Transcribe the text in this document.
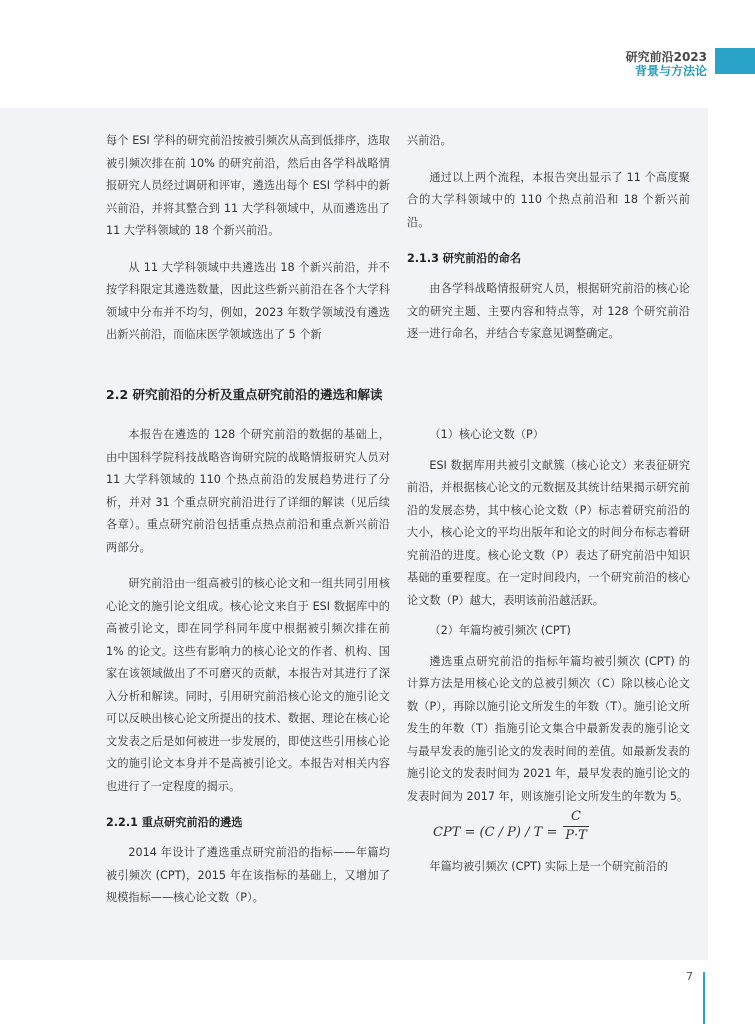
研究前沿2023
背景与方法论

每个 ESI 学科的研究前沿按被引频次从高到低排序，选取被引频次排在前 10% 的研究前沿，然后由各学科战略情报研究人员经过调研和评审，遴选出每个 ESI 学科中的新兴前沿，并将其整合到 11 大学科领域中，从而遴选出了 11 大学科领域的 18 个新兴前沿。

从 11 大学科领域中共遴选出 18 个新兴前沿，并不按学科限定其遴选数量，因此这些新兴前沿在各个大学科领域中分布并不均匀，例如，2023 年数学领域没有遴选出新兴前沿，而临床医学领域选出了 5 个新

兴前沿。

通过以上两个流程，本报告突出显示了 11 个高度聚合的大学科领域中的 110 个热点前沿和 18 个新兴前沿。

2.1.3 研究前沿的命名

由各学科战略情报研究人员，根据研究前沿的核心论文的研究主题、主要内容和特点等，对 128 个研究前沿逐一进行命名，并结合专家意见调整确定。

2.2 研究前沿的分析及重点研究前沿的遴选和解读

本报告在遴选的 128 个研究前沿的数据的基础上，由中国科学院科技战略咨询研究院的战略情报研究人员对 11 大学科领域的 110 个热点前沿的发展趋势进行了分析，并对 31 个重点研究前沿进行了详细的解读（见后续各章）。重点研究前沿包括重点热点前沿和重点新兴前沿两部分。

研究前沿由一组高被引的核心论文和一组共同引用核心论文的施引论文组成。核心论文来自于 ESI 数据库中的高被引论文，即在同学科同年度中根据被引频次排在前 1% 的论文。这些有影响力的核心论文的作者、机构、国家在该领域做出了不可磨灭的贡献，本报告对其进行了深入分析和解读。同时，引用研究前沿核心论文的施引论文可以反映出核心论文所提出的技术、数据、理论在核心论文发表之后是如何被进一步发展的，即使这些引用核心论文的施引论文本身并不是高被引论文。本报告对相关内容也进行了一定程度的揭示。

2.2.1 重点研究前沿的遴选

2014 年设计了遴选重点研究前沿的指标——年篇均被引频次 (CPT)，2015 年在该指标的基础上，又增加了规模指标——核心论文数（P）。

（1）核心论文数（P）

ESI 数据库用共被引文献簇（核心论文）来表征研究前沿，并根据核心论文的元数据及其统计结果揭示研究前沿的发展态势，其中核心论文数（P）标志着研究前沿的大小，核心论文的平均出版年和论文的时间分布标志着研究前沿的进度。核心论文数（P）表达了研究前沿中知识基础的重要程度。在一定时间段内，一个研究前沿的核心论文数（P）越大，表明该前沿越活跃。

（2）年篇均被引频次 (CPT)

遴选重点研究前沿的指标年篇均被引频次 (CPT) 的计算方法是用核心论文的总被引频次（C）除以核心论文数（P），再除以施引论文所发生的年数（T）。施引论文所发生的年数（T）指施引论文集合中最新发表的施引论文与最早发表的施引论文的发表时间的差值。如最新发表的施引论文的发表时间为 2021 年，最早发表的施引论文的发表时间为 2017 年，则该施引论文所发生的年数为 5。

CPT = $(C / P) / T = \frac{C}{P\cdot T}$

年篇均被引频次 (CPT) 实际上是一个研究前沿的

7
